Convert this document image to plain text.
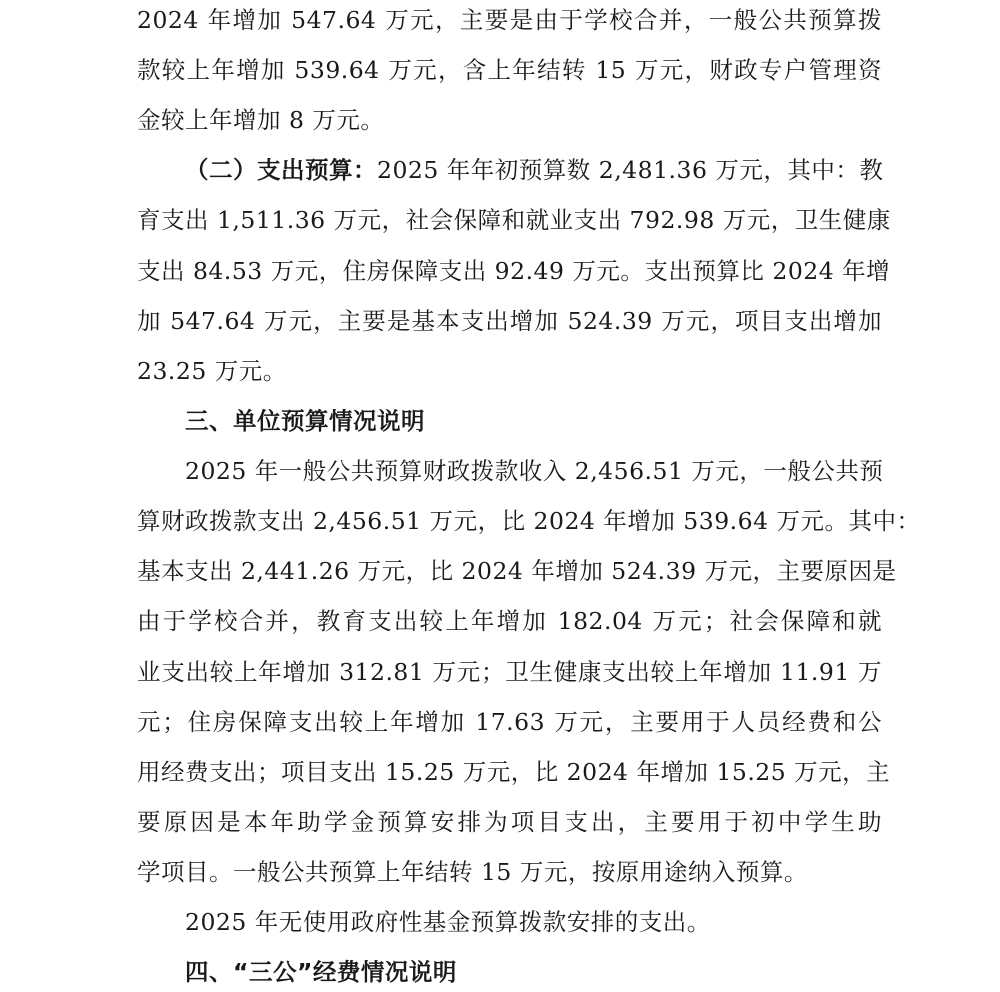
2024 年增加 547.64 万元，主要是由于学校合并，一般公共预算拨
款较上年增加 539.64 万元，含上年结转 15 万元，财政专户管理资
金较上年增加 8 万元。
（二）支出预算：2025 年年初预算数 2,481.36 万元，其中：教
育支出 1,511.36 万元，社会保障和就业支出 792.98 万元，卫生健康
支出 84.53 万元，住房保障支出 92.49 万元。支出预算比 2024 年增
加 547.64 万元，主要是基本支出增加 524.39 万元，项目支出增加
23.25 万元。
三、单位预算情况说明
2025 年一般公共预算财政拨款收入 2,456.51 万元，一般公共预
算财政拨款支出 2,456.51 万元，比 2024 年增加 539.64 万元。其中：
基本支出 2,441.26 万元，比 2024 年增加 524.39 万元，主要原因是
由于学校合并，教育支出较上年增加 182.04 万元；社会保障和就
业支出较上年增加 312.81 万元；卫生健康支出较上年增加 11.91 万
元；住房保障支出较上年增加 17.63 万元，主要用于人员经费和公
用经费支出；项目支出 15.25 万元，比 2024 年增加 15.25 万元，主
要原因是本年助学金预算安排为项目支出，主要用于初中学生助
学项目。一般公共预算上年结转 15 万元，按原用途纳入预算。
2025 年无使用政府性基金预算拨款安排的支出。
四、“三公”经费情况说明
